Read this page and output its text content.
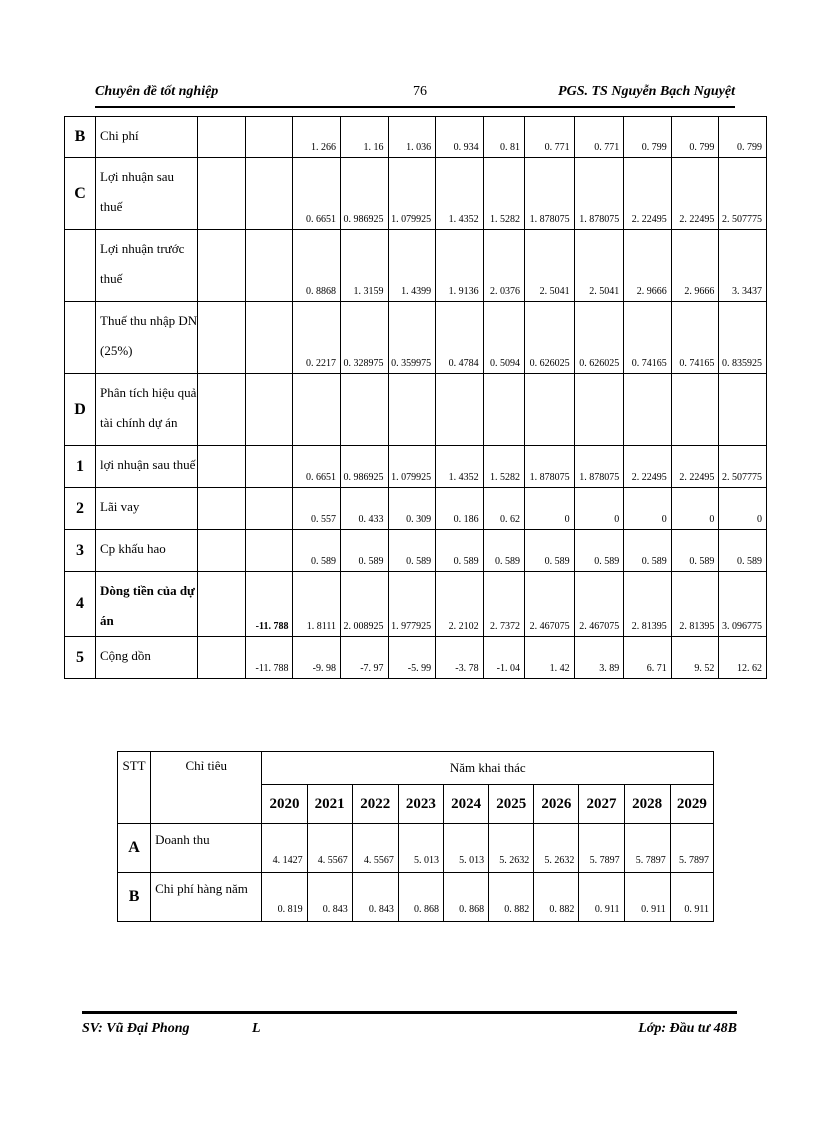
Chuyên đề tốt nghiệp	76	PGS. TS Nguyễn Bạch Nguyệt
B	Chi phí			1. 266	1. 16	1. 036	0. 934	0. 81	0. 771	0. 771	0. 799	0. 799	0. 799
C	Lợi nhuận sau thuế			0. 6651	0. 986925	1. 079925	1. 4352	1. 5282	1. 878075	1. 878075	2. 22495	2. 22495	2. 507775
	Lợi nhuận trước thuế			0. 8868	1. 3159	1. 4399	1. 9136	2. 0376	2. 5041	2. 5041	2. 9666	2. 9666	3. 3437
	Thuế thu nhập DN (25%)			0. 2217	0. 328975	0. 359975	0. 4784	0. 5094	0. 626025	0. 626025	0. 74165	0. 74165	0. 835925
D	Phân tích hiệu quả tài chính dự án												
1	lợi nhuận sau thuế			0. 6651	0. 986925	1. 079925	1. 4352	1. 5282	1. 878075	1. 878075	2. 22495	2. 22495	2. 507775
2	Lãi vay			0. 557	0. 433	0. 309	0. 186	0. 62	0	0	0	0	0
3	Cp khấu hao			0. 589	0. 589	0. 589	0. 589	0. 589	0. 589	0. 589	0. 589	0. 589	0. 589
4	Dòng tiền của dự án		-11. 788	1. 8111	2. 008925	1. 977925	2. 2102	2. 7372	2. 467075	2. 467075	2. 81395	2. 81395	3. 096775
5	Cộng dồn		-11. 788	-9. 98	-7. 97	-5. 99	-3. 78	-1. 04	1. 42	3. 89	6. 71	9. 52	12. 62
STT	Chỉ tiêu	Năm khai thác									
		2020	2021	2022	2023	2024	2025	2026	2027	2028	2029
A	Doanh thu	4. 1427	4. 5567	4. 5567	5. 013	5. 013	5. 2632	5. 2632	5. 7897	5. 7897	5. 7897
B	Chi phí hàng năm	0. 819	0. 843	0. 843	0. 868	0. 868	0. 882	0. 882	0. 911	0. 911	0. 911
SV: Vũ Đại Phong	L	Lớp: Đầu tư 48B
